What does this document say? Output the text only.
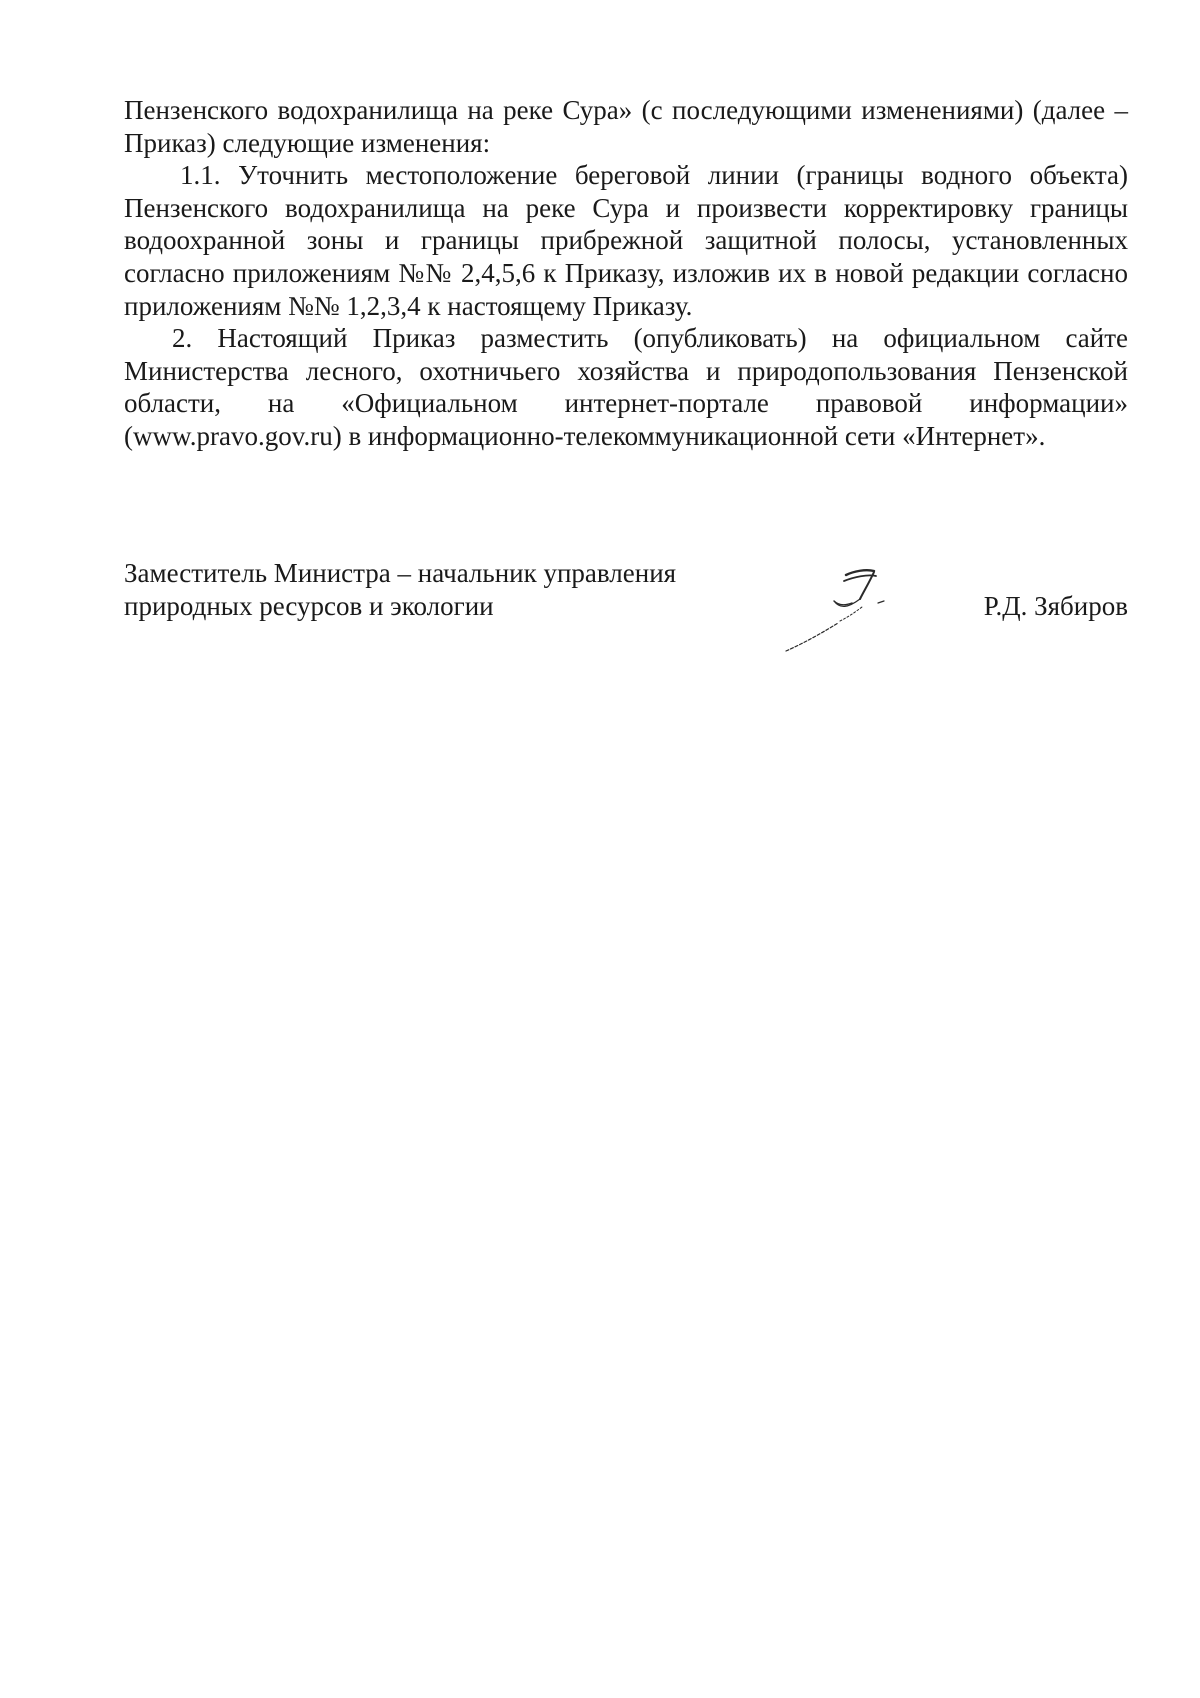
Пензенского водохранилища на реке Сура» (с последующими изменениями) (далее – Приказ) следующие изменения:

1.1. Уточнить местоположение береговой линии (границы водного объекта) Пензенского водохранилища на реке Сура и произвести корректировку границы водоохранной зоны и границы прибрежной защитной полосы, установленных согласно приложениям №№ 2,4,5,6 к Приказу, изложив их в новой редакции согласно приложениям №№ 1,2,3,4 к настоящему Приказу.

2. Настоящий Приказ разместить (опубликовать) на официальном сайте Министерства лесного, охотничьего хозяйства и природопользования Пензенской области, на «Официальном интернет-портале правовой информации» (www.pravo.gov.ru) в информационно-телекоммуникационной сети «Интернет».

Заместитель Министра – начальник управления
природных ресурсов и экологии	Р.Д. Зябиров
